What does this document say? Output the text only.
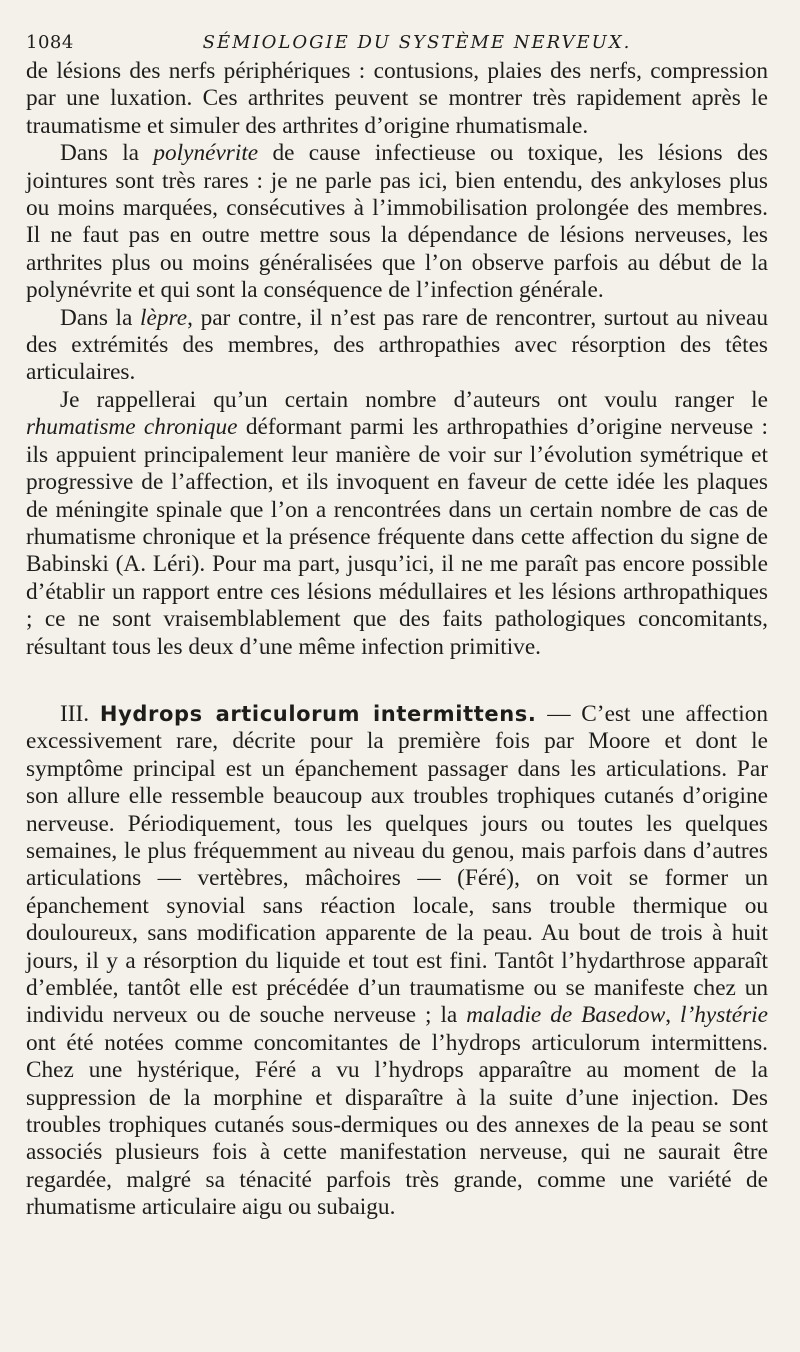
1084	SÉMIOLOGIE DU SYSTÈME NERVEUX.

de lésions des nerfs périphériques : contusions, plaies des nerfs, compression par une luxation. Ces arthrites peuvent se montrer très rapidement après le traumatisme et simuler des arthrites d’origine rhumatismale.

Dans la polynévrite de cause infectieuse ou toxique, les lésions des jointures sont très rares : je ne parle pas ici, bien entendu, des ankyloses plus ou moins marquées, consécutives à l’immobilisation prolongée des membres. Il ne faut pas en outre mettre sous la dépendance de lésions nerveuses, les arthrites plus ou moins généralisées que l’on observe parfois au début de la polynévrite et qui sont la conséquence de l’infection générale.

Dans la lèpre, par contre, il n’est pas rare de rencontrer, surtout au niveau des extrémités des membres, des arthropathies avec résorption des têtes articulaires.

Je rappellerai qu’un certain nombre d’auteurs ont voulu ranger le rhumatisme chronique déformant parmi les arthropathies d’origine nerveuse : ils appuient principalement leur manière de voir sur l’évolution symétrique et progressive de l’affection, et ils invoquent en faveur de cette idée les plaques de méningite spinale que l’on a rencontrées dans un certain nombre de cas de rhumatisme chronique et la présence fréquente dans cette affection du signe de Babinski (A. Léri). Pour ma part, jusqu’ici, il ne me paraît pas encore possible d’établir un rapport entre ces lésions médullaires et les lésions arthropathiques ; ce ne sont vraisemblablement que des faits pathologiques concomitants, résultant tous les deux d’une même infection primitive.

III. Hydrops articulorum intermittens. — C’est une affection excessivement rare, décrite pour la première fois par Moore et dont le symptôme principal est un épanchement passager dans les articulations. Par son allure elle ressemble beaucoup aux troubles trophiques cutanés d’origine nerveuse. Périodiquement, tous les quelques jours ou toutes les quelques semaines, le plus fréquemment au niveau du genou, mais parfois dans d’autres articulations — vertèbres, mâchoires — (Féré), on voit se former un épanchement synovial sans réaction locale, sans trouble thermique ou douloureux, sans modification apparente de la peau. Au bout de trois à huit jours, il y a résorption du liquide et tout est fini. Tantôt l’hydarthrose apparaît d’emblée, tantôt elle est précédée d’un traumatisme ou se manifeste chez un individu nerveux ou de souche nerveuse ; la maladie de Basedow, l’hystérie ont été notées comme concomitantes de l’hydrops articulorum intermittens. Chez une hystérique, Féré a vu l’hydrops apparaître au moment de la suppression de la morphine et disparaître à la suite d’une injection. Des troubles trophiques cutanés sous-dermiques ou des annexes de la peau se sont associés plusieurs fois à cette manifestation nerveuse, qui ne saurait être regardée, malgré sa ténacité parfois très grande, comme une variété de rhumatisme articulaire aigu ou subaigu.
